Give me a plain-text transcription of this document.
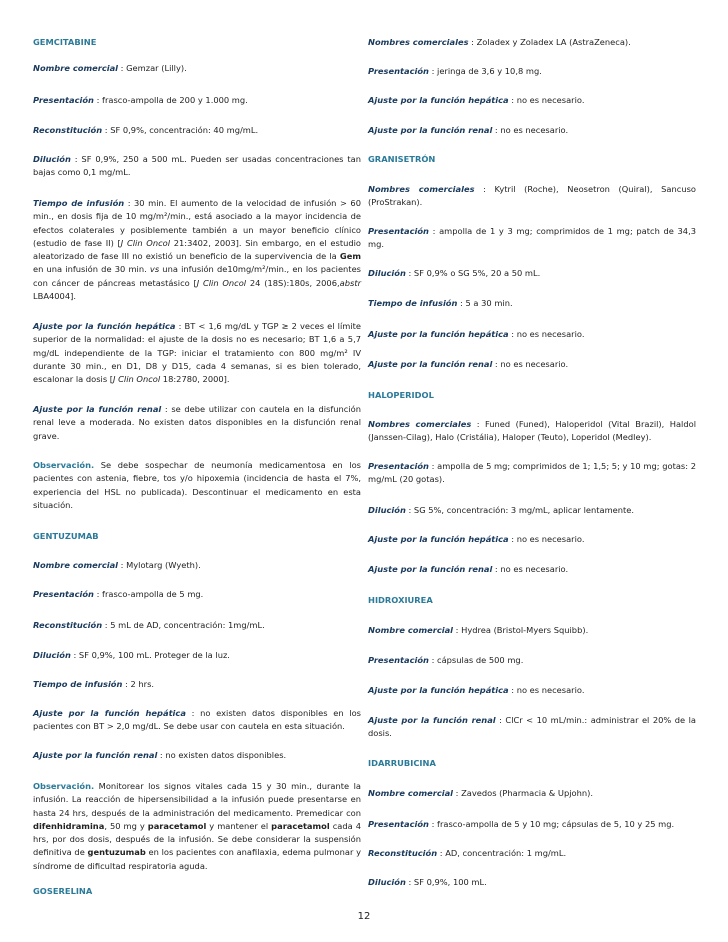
GEMCITABINE
Nombre comercial : Gemzar (Lilly).
Presentación : frasco-ampolla de 200 y 1.000 mg.
Reconstitución : SF 0,9%, concentración: 40 mg/mL.
Dilución : SF 0,9%, 250 a 500 mL. Pueden ser usadas concentraciones tan bajas como 0,1 mg/mL.
Tiempo de infusión : 30 min. El aumento de la velocidad de infusión > 60 min., en dosis fija de 10 mg/m²/min., está asociado a la mayor incidencia de efectos colaterales y posiblemente también a un mayor beneficio clínico (estudio de fase II) [J Clin Oncol 21:3402, 2003]. Sin embargo, en el estudio aleatorizado de fase III no existió un beneficio de la supervivencia de la Gem en una infusión de 30 min. vs una infusión de10mg/m²/min., en los pacientes con cáncer de páncreas metastásico [J Clin Oncol 24 (18S):180s, 2006,abstr LBA4004].
Ajuste por la función hepática : BT < 1,6 mg/dL y TGP ≥ 2 veces el límite superior de la normalidad: el ajuste de la dosis no es necesario; BT 1,6 a 5,7 mg/dL independiente de la TGP: iniciar el tratamiento con 800 mg/m² IV durante 30 min., en D1, D8 y D15, cada 4 semanas, si es bien tolerado, escalonar la dosis [J Clin Oncol 18:2780, 2000].
Ajuste por la función renal : se debe utilizar con cautela en la disfunción renal leve a moderada. No existen datos disponibles en la disfunción renal grave.
Observación. Se debe sospechar de neumonía medicamentosa en los pacientes con astenia, fiebre, tos y/o hipoxemia (incidencia de hasta el 7%, experiencia del HSL no publicada). Descontinuar el medicamento en esta situación.
GENTUZUMAB
Nombre comercial : Mylotarg (Wyeth).
Presentación : frasco-ampolla de 5 mg.
Reconstitución : 5 mL de AD, concentración: 1mg/mL.
Dilución : SF 0,9%, 100 mL. Proteger de la luz.
Tiempo de infusión : 2 hrs.
Ajuste por la función hepática : no existen datos disponibles en los pacientes con BT > 2,0 mg/dL. Se debe usar con cautela en esta situación.
Ajuste por la función renal : no existen datos disponibles.
Observación. Monitorear los signos vitales cada 15 y 30 min., durante la infusión. La reacción de hipersensibilidad a la infusión puede presentarse en hasta 24 hrs, después de la administración del medicamento. Premedicar con difenhidramina, 50 mg y paracetamol y mantener el paracetamol cada 4 hrs, por dos dosis, después de la infusión. Se debe considerar la suspensión definitiva de gentuzumab en los pacientes con anafilaxia, edema pulmonar y síndrome de dificultad respiratoria aguda.
GOSERELINA
Nombres comerciales : Zoladex y Zoladex LA (AstraZeneca).
Presentación : jeringa de 3,6 y 10,8 mg.
Ajuste por la función hepática : no es necesario.
Ajuste por la función renal : no es necesario.
GRANISETRÓN
Nombres comerciales : Kytril (Roche), Neosetron (Quiral), Sancuso (ProStrakan).
Presentación : ampolla de 1 y 3 mg; comprimidos de 1 mg; patch de 34,3 mg.
Dilución : SF 0,9% o SG 5%, 20 a 50 mL.
Tiempo de infusión : 5 a 30 min.
Ajuste por la función hepática : no es necesario.
Ajuste por la función renal : no es necesario.
HALOPERIDOL
Nombres comerciales : Funed (Funed), Haloperidol (Vital Brazil), Haldol (Janssen-Cilag), Halo (Cristália), Haloper (Teuto), Loperidol (Medley).
Presentación : ampolla de 5 mg; comprimidos de 1; 1,5; 5; y 10 mg; gotas: 2 mg/mL (20 gotas).
Dilución : SG 5%, concentración: 3 mg/mL, aplicar lentamente.
Ajuste por la función hepática : no es necesario.
Ajuste por la función renal : no es necesario.
HIDROXIUREA
Nombre comercial : Hydrea (Bristol-Myers Squibb).
Presentación : cápsulas de 500 mg.
Ajuste por la función hepática : no es necesario.
Ajuste por la función renal : ClCr < 10 mL/min.: administrar el 20% de la dosis.
IDARRUBICINA
Nombre comercial : Zavedos (Pharmacia & Upjohn).
Presentación : frasco-ampolla de 5 y 10 mg; cápsulas de 5, 10 y 25 mg.
Reconstitución : AD, concentración: 1 mg/mL.
Dilución : SF 0,9%, 100 mL.
12
